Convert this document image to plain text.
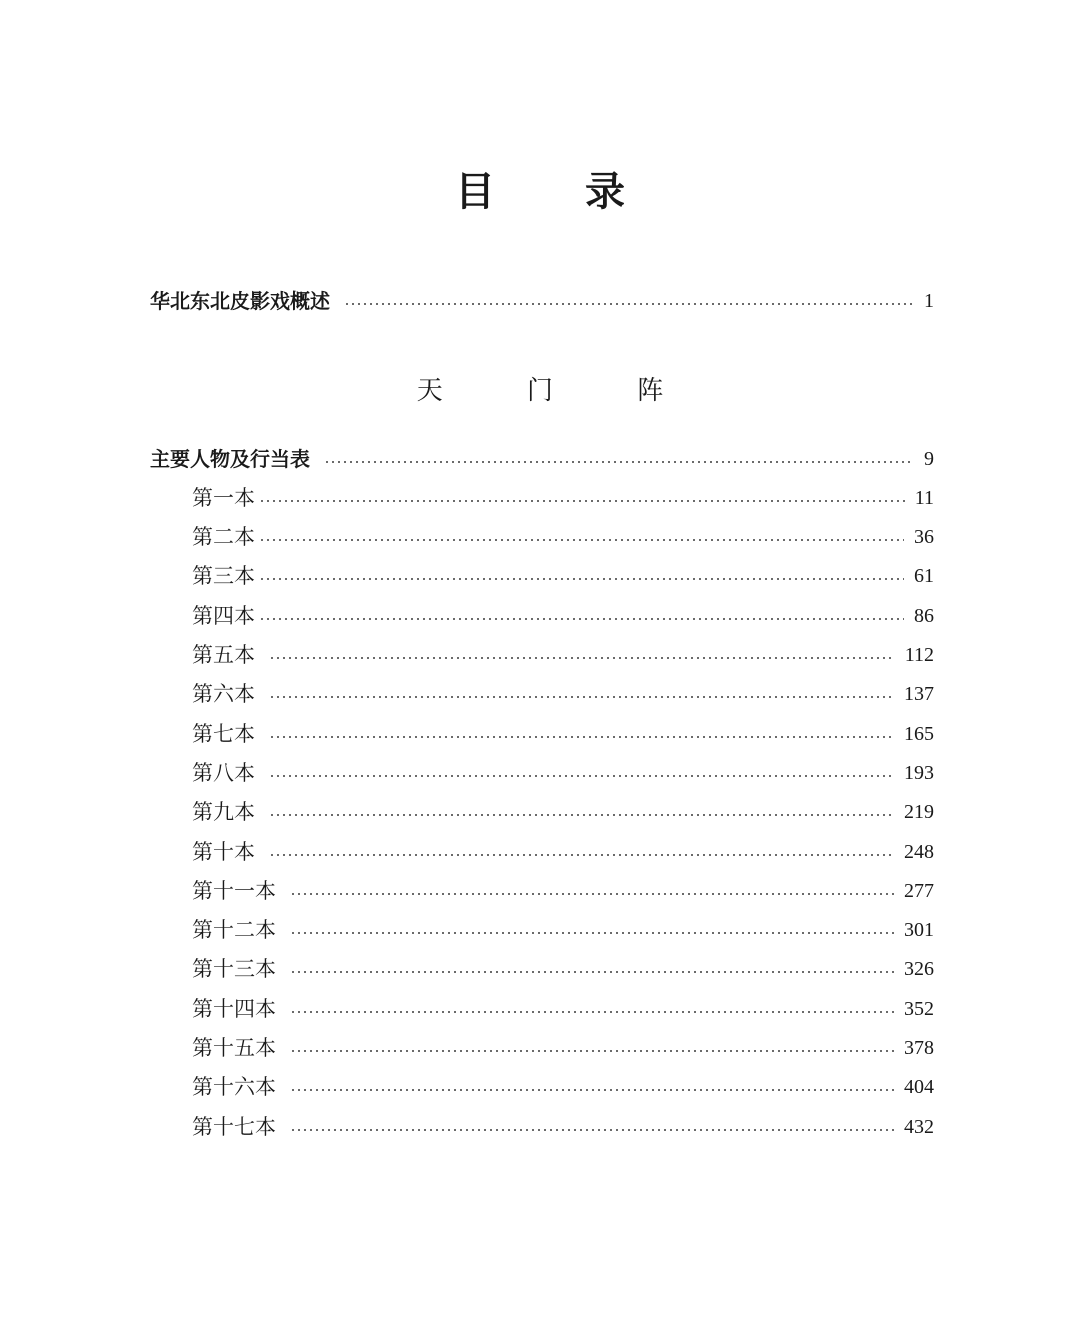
目 录
华北东北皮影戏概述	1
天 门 阵
主要人物及行当表	9
第一本	11
第二本	36
第三本	61
第四本	86
第五本	112
第六本	137
第七本	165
第八本	193
第九本	219
第十本	248
第十一本	277
第十二本	301
第十三本	326
第十四本	352
第十五本	378
第十六本	404
第十七本	432
